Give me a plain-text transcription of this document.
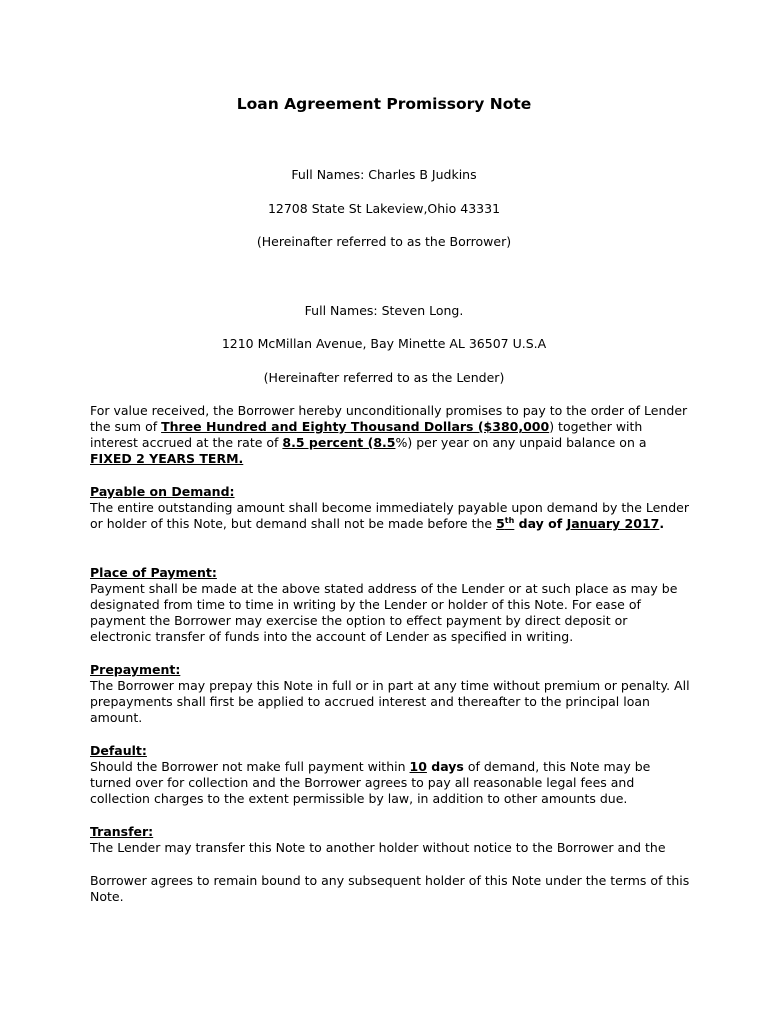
Loan Agreement Promissory Note
Full Names: Charles B Judkins
12708 State St Lakeview,Ohio 43331
(Hereinafter referred to as the Borrower)
Full Names: Steven Long.
1210 McMillan Avenue, Bay Minette AL 36507 U.S.A
(Hereinafter referred to as the Lender)

For value received, the Borrower hereby unconditionally promises to pay to the order of Lender the sum of Three Hundred and Eighty Thousand Dollars ($380,000) together with interest accrued at the rate of 8.5 percent (8.5%) per year on any unpaid balance on a FIXED 2 YEARS TERM.

Payable on Demand:

The entire outstanding amount shall become immediately payable upon demand by the Lender or holder of this Note, but demand shall not be made before the 5th day of January 2017.

Place of Payment:

Payment shall be made at the above stated address of the Lender or at such place as may be designated from time to time in writing by the Lender or holder of this Note. For ease of payment the Borrower may exercise the option to effect payment by direct deposit or electronic transfer of funds into the account of Lender as specified in writing.

Prepayment:

The Borrower may prepay this Note in full or in part at any time without premium or penalty. All prepayments shall first be applied to accrued interest and thereafter to the principal loan amount.

Default:

Should the Borrower not make full payment within 10 days of demand, this Note may be turned over for collection and the Borrower agrees to pay all reasonable legal fees and collection charges to the extent permissible by law, in addition to other amounts due.

Transfer:

The Lender may transfer this Note to another holder without notice to the Borrower and the

Borrower agrees to remain bound to any subsequent holder of this Note under the terms of this Note.
